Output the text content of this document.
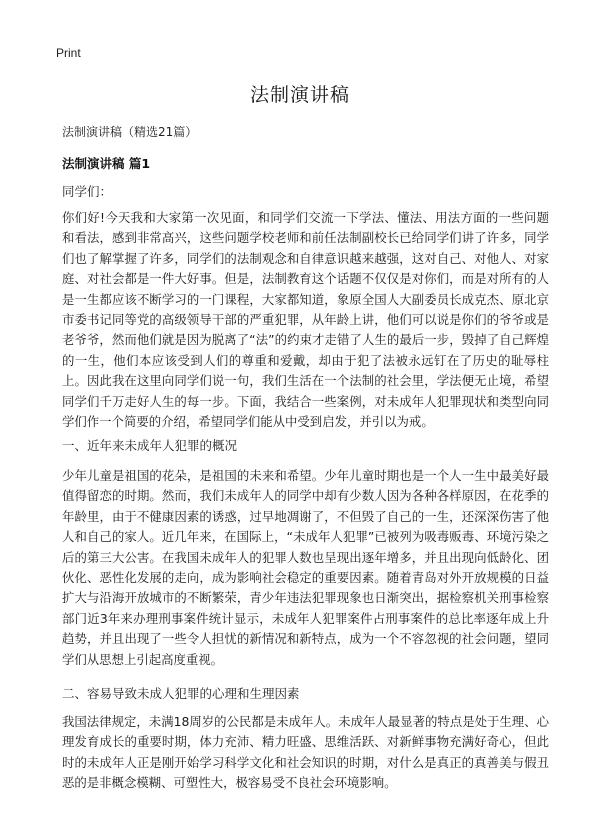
Print
法制演讲稿
法制演讲稿（精选21篇）
法制演讲稿 篇1
同学们：

你们好!今天我和大家第一次见面，和同学们交流一下学法、懂法、用法方面的一些问题和看法，感到非常高兴，这些问题学校老师和前任法制副校长已给同学们讲了许多，同学们也了解掌握了许多，同学们的法制观念和自律意识越来越强，这对自己、对他人、对家庭、对社会都是一件大好事。但是，法制教育这个话题不仅仅是对你们，而是对所有的人是一生都应该不断学习的一门课程，大家都知道，象原全国人大副委员长成克杰、原北京市委书记同等党的高级领导干部的严重犯罪，从年龄上讲，他们可以说是你们的爷爷或是老爷爷，然而他们就是因为脱离了“法”的约束才走错了人生的最后一步，毁掉了自己辉煌的一生，他们本应该受到人们的尊重和爱戴，却由于犯了法被永远钉在了历史的耻辱柱上。因此我在这里向同学们说一句，我们生活在一个法制的社会里，学法便无止境，希望同学们千万走好人生的每一步。下面，我结合一些案例，对未成年人犯罪现状和类型向同学们作一个简要的介绍，希望同学们能从中受到启发，并引以为戒。

一、近年来未成年人犯罪的概况

少年儿童是祖国的花朵，是祖国的未来和希望。少年儿童时期也是一个人一生中最美好最值得留恋的时期。然而，我们未成年人的同学中却有少数人因为各种各样原因，在花季的年龄里，由于不健康因素的诱惑，过早地凋谢了，不但毁了自己的一生，还深深伤害了他人和自己的家人。近几年来，在国际上，“未成年人犯罪”已被列为吸毒贩毒、环境污染之后的第三大公害。在我国未成年人的犯罪人数也呈现出逐年增多，并且出现向低龄化、团伙化、恶性化发展的走向，成为影响社会稳定的重要因素。随着青岛对外开放规模的日益扩大与沿海开放城市的不断繁荣，青少年违法犯罪现象也日渐突出，据检察机关刑事检察部门近3年来办理刑事案件统计显示，未成年人犯罪案件占刑事案件的总比率逐年成上升趋势，并且出现了一些令人担忧的新情况和新特点，成为一个不容忽视的社会问题，望同学们从思想上引起高度重视。

二、容易导致未成人犯罪的心理和生理因素

我国法律规定，未满18周岁的公民都是未成年人。未成年人最显著的特点是处于生理、心理发育成长的重要时期，体力充沛、精力旺盛、思维活跃、对新鲜事物充满好奇心，但此时的未成年人正是刚开始学习科学文化和社会知识的时期，对什么是真正的真善美与假丑恶的是非概念模糊、可塑性大，极容易受不良社会环境影响。
